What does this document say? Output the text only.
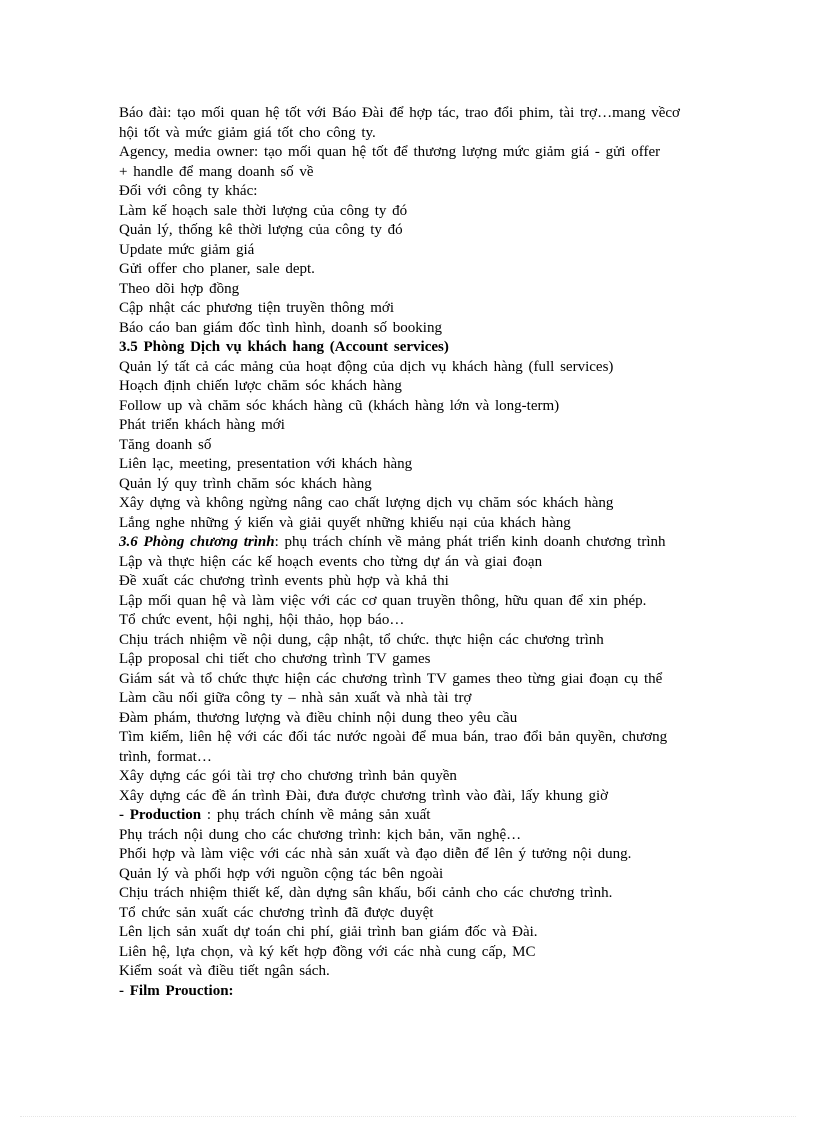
Báo đài: tạo mối quan hệ tốt với Báo Đài để hợp tác, trao đổi phim, tài trợ…mang vềcơ

hội tốt và mức giảm giá tốt cho công ty.

Agency, media owner: tạo mối quan hệ tốt để thương lượng mức giảm giá - gửi offer

+ handle để mang doanh số về

Đối với công ty khác:

Làm kế hoạch sale thời lượng của công ty đó

Quản lý, thống kê thời lượng của công ty đó

Update mức giảm giá

Gửi offer cho planer, sale dept.

Theo dõi hợp đồng

Cập nhật các phương tiện truyền thông mới

Báo cáo ban giám đốc tình hình, doanh số booking

3.5 Phòng Dịch vụ khách hang (Account services)

Quản lý tất cả các mảng của hoạt động của dịch vụ khách hàng (full services)

Hoạch định chiến lược chăm sóc khách hàng

Follow up và chăm sóc khách hàng cũ (khách hàng lớn và long-term)

Phát triển khách hàng mới

Tăng doanh số

Liên lạc, meeting, presentation với khách hàng

Quản lý quy trình chăm sóc khách hàng

Xây dựng và không ngừng nâng cao chất lượng dịch vụ chăm sóc khách hàng

Lắng nghe những ý kiến và giải quyết những khiếu nại của khách hàng

3.6 Phòng chương trình: phụ trách chính về mảng phát triển kinh doanh chương trình

Lập và thực hiện các kế hoạch events cho từng dự án và giai đoạn

Đề xuất các chương trình events phù hợp và khả thi

Lập mối quan hệ và làm việc với các cơ quan truyền thông, hữu quan để xin phép.

Tổ chức event, hội nghị, hội thảo, họp báo…

Chịu trách nhiệm về nội dung, cập nhật, tổ chức. thực hiện các chương trình

Lập proposal chi tiết cho chương trình TV games

Giám sát và tổ chức thực hiện các chương trình TV games theo từng giai đoạn cụ thể

Làm cầu nối giữa công ty – nhà sản xuất và nhà tài trợ

Đàm phám, thương lượng và điều chỉnh nội dung theo yêu cầu

Tìm kiếm, liên hệ với các đối tác nước ngoài để mua bán, trao đổi bản quyền, chương

trình, format…

Xây dựng các gói tài trợ cho chương trình bản quyền

Xây dựng các đề án trình Đài, đưa được chương trình vào đài, lấy khung giờ

- Production : phụ trách chính về mảng sản xuất

Phụ trách nội dung cho các chương trình: kịch bản, văn nghệ…

Phối hợp và làm việc với các nhà sản xuất và đạo diễn để lên ý tưởng nội dung.

Quản lý và phối hợp với nguồn cộng tác bên ngoài

Chịu trách nhiệm thiết kế, dàn dựng sân khấu, bối cảnh cho các chương trình.

Tổ chức sản xuất các chương trình đã được duyệt

Lên lịch sản xuất dự toán chi phí, giải trình ban giám đốc và Đài.

Liên hệ, lựa chọn, và ký kết hợp đồng với các nhà cung cấp, MC

Kiểm soát và điều tiết ngân sách.

- Film Prouction:
